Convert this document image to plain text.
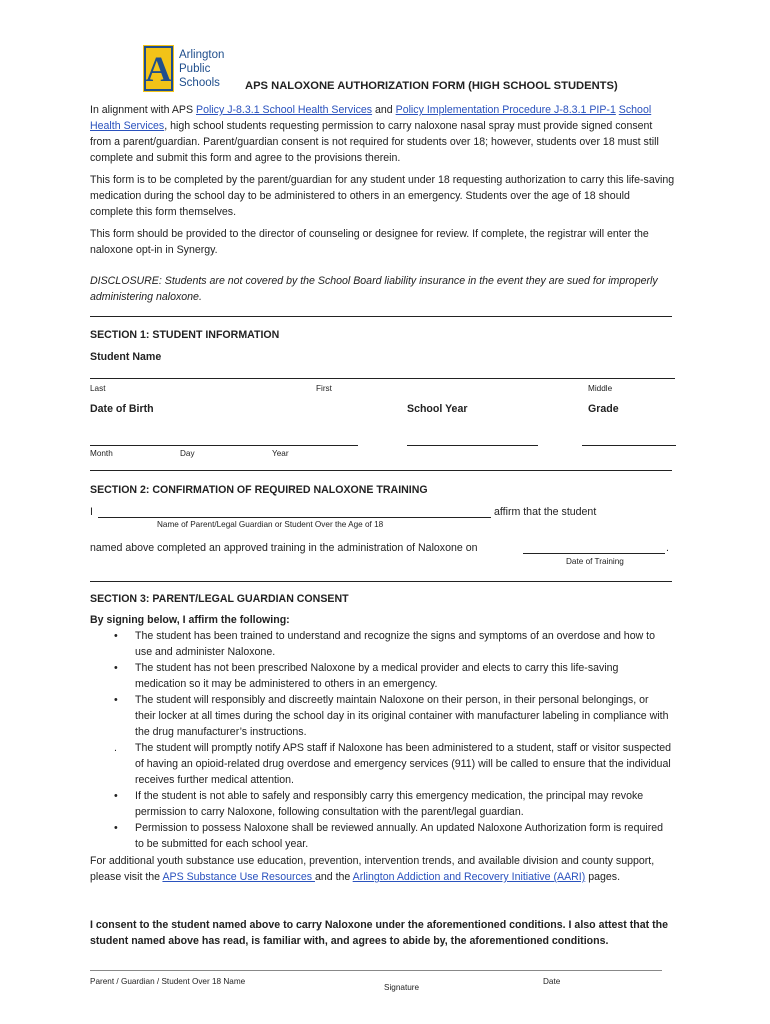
A Arlington
Public
Schools APS NALOXONE AUTHORIZATION FORM (HIGH SCHOOL STUDENTS)
In alignment with APS Policy J-8.3.1 School Health Services and Policy Implementation Procedure J-8.3.1 PIP-1 School Health Services, high school students requesting permission to carry naloxone nasal spray must provide signed consent from a parent/guardian. Parent/guardian consent is not required for students over 18; however, students over 18 must still complete and submit this form and agree to the provisions therein.
This form is to be completed by the parent/guardian for any student under 18 requesting authorization to carry this life-saving medication during the school day to be administered to others in an emergency. Students over the age of 18 should complete this form themselves.
This form should be provided to the director of counseling or designee for review. If complete, the registrar will enter the naloxone opt-in in Synergy.
DISCLOSURE: Students are not covered by the School Board liability insurance in the event they are sued for improperly administering naloxone.
SECTION 1: STUDENT INFORMATION
Student Name
Last	First	Middle
Date of Birth	School Year	Grade
Month	Day	Year
SECTION 2: CONFIRMATION OF REQUIRED NALOXONE TRAINING
I	affirm that the student
Name of Parent/Legal Guardian or Student Over the Age of 18
named above completed an approved training in the administration of Naloxone on	.
Date of Training
SECTION 3: PARENT/LEGAL GUARDIAN CONSENT
By signing below, I affirm the following:
• The student has been trained to understand and recognize the signs and symptoms of an overdose and how to use and administer Naloxone.
• The student has not been prescribed Naloxone by a medical provider and elects to carry this life-saving medication so it may be administered to others in an emergency.
• The student will responsibly and discreetly maintain Naloxone on their person, in their personal belongings, or their locker at all times during the school day in its original container with manufacturer labeling in compliance with the drug manufacturer’s instructions.
. The student will promptly notify APS staff if Naloxone has been administered to a student, staff or visitor suspected of having an opioid-related drug overdose and emergency services (911) will be called to ensure that the individual receives further medical attention.
• If the student is not able to safely and responsibly carry this emergency medication, the principal may revoke permission to carry Naloxone, following consultation with the parent/legal guardian.
• Permission to possess Naloxone shall be reviewed annually. An updated Naloxone Authorization form is required to be submitted for each school year.
For additional youth substance use education, prevention, intervention trends, and available division and county support, please visit the APS Substance Use Resources and the Arlington Addiction and Recovery Initiative (AARI) pages.
I consent to the student named above to carry Naloxone under the aforementioned conditions. I also attest that the student named above has read, is familiar with, and agrees to abide by, the aforementioned conditions.
Parent / Guardian / Student Over 18 Name
Signature
Date
